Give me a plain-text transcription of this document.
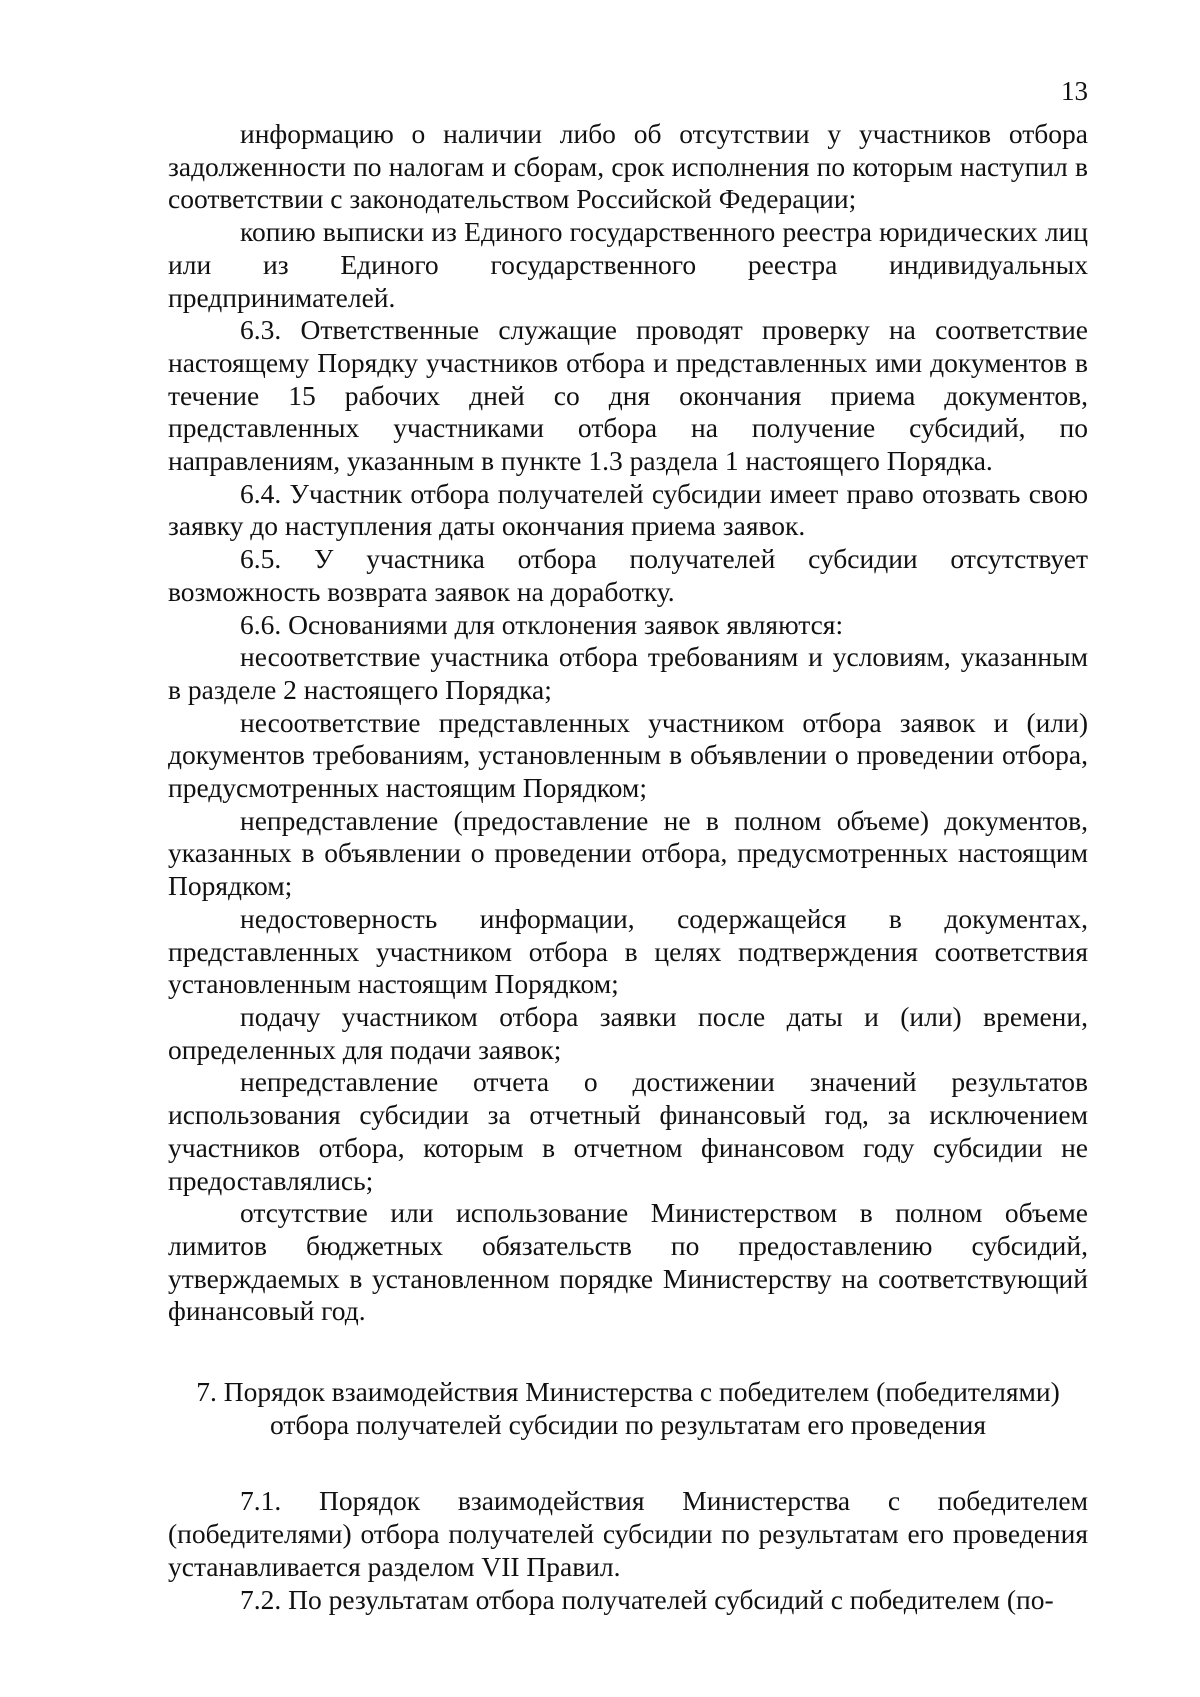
13

информацию о наличии либо об отсутствии у участников отбора задолженности по налогам и сборам, срок исполнения по которым наступил в соответствии с законодательством Российской Федерации;

копию выписки из Единого государственного реестра юридических лиц или из Единого государственного реестра индивидуальных предпринимателей.

6.3. Ответственные служащие проводят проверку на соответствие настоящему Порядку участников отбора и представленных ими документов в течение 15 рабочих дней со дня окончания приема документов, представленных участниками отбора на получение субсидий, по направлениям, указанным в пункте 1.3 раздела 1 настоящего Порядка.

6.4. Участник отбора получателей субсидии имеет право отозвать свою заявку до наступления даты окончания приема заявок.

6.5. У участника отбора получателей субсидии отсутствует возможность возврата заявок на доработку.

6.6. Основаниями для отклонения заявок являются:

несоответствие участника отбора требованиям и условиям, указанным в разделе 2 настоящего Порядка;

несоответствие представленных участником отбора заявок и (или) документов требованиям, установленным в объявлении о проведении отбора, предусмотренных настоящим Порядком;

непредставление (предоставление не в полном объеме) документов, указанных в объявлении о проведении отбора, предусмотренных настоящим Порядком;

недостоверность информации, содержащейся в документах, представленных участником отбора в целях подтверждения соответствия установленным настоящим Порядком;

подачу участником отбора заявки после даты и (или) времени, определенных для подачи заявок;

непредставление отчета о достижении значений результатов использования субсидии за отчетный финансовый год, за исключением участников отбора, которым в отчетном финансовом году субсидии не предоставлялись;

отсутствие или использование Министерством в полном объеме лимитов бюджетных обязательств по предоставлению субсидий, утверждаемых в установленном порядке Министерству на соответствующий финансовый год.

7. Порядок взаимодействия Министерства с победителем (победителями)
отбора получателей субсидии по результатам его проведения

7.1. Порядок взаимодействия Министерства с победителем (победителями) отбора получателей субсидии по результатам его проведения устанавливается разделом VII Правил.

7.2. По результатам отбора получателей субсидий с победителем (по-
